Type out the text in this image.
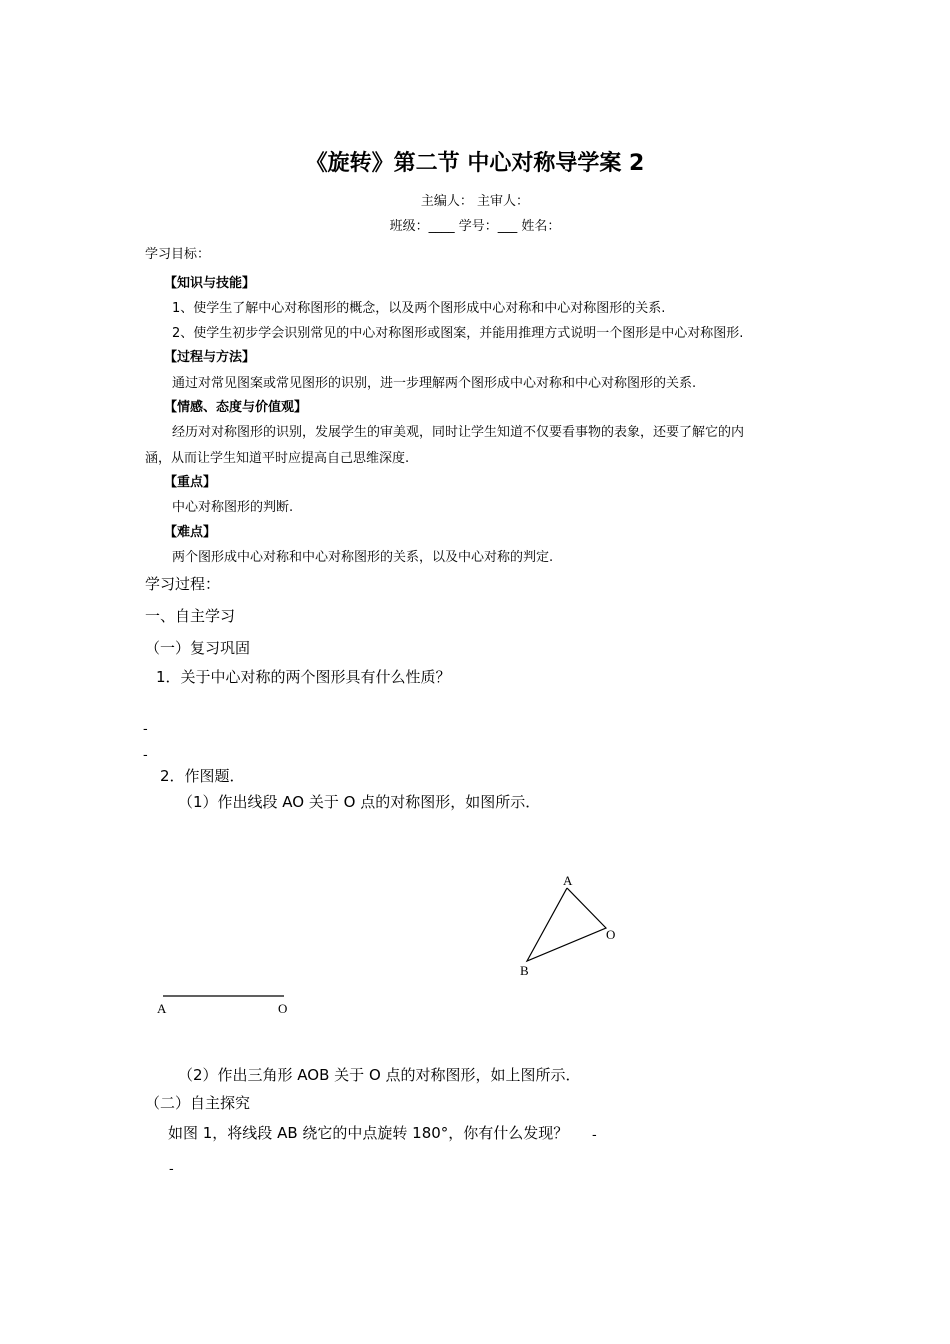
《旋转》第二节 中心对称导学案 2
主编人： 主审人：
班级：____ 学号：___ 姓名：
学习目标：
【知识与技能】
1、使学生了解中心对称图形的概念，以及两个图形成中心对称和中心对称图形的关系.
2、使学生初步学会识别常见的中心对称图形或图案，并能用推理方式说明一个图形是中心对称图形.
【过程与方法】
通过对常见图案或常见图形的识别，进一步理解两个图形成中心对称和中心对称图形的关系.
【情感、态度与价值观】
经历对对称图形的识别，发展学生的审美观，同时让学生知道不仅要看事物的表象，还要了解它的内
涵，从而让学生知道平时应提高自己思维深度.
【重点】
中心对称图形的判断.
【难点】
两个图形成中心对称和中心对称图形的关系，以及中心对称的判定.
学习过程：
一、自主学习
（一）复习巩固
1．关于中心对称的两个图形具有什么性质？
-
-
2．作图题．
（1）作出线段 AO 关于 O 点的对称图形，如图所示．
A
O
B
A	O
（2）作出三角形 AOB 关于 O 点的对称图形，如上图所示．
（二）自主探究
如图 1，将线段 AB 绕它的中点旋转 180°，你有什么发现？ -
-
